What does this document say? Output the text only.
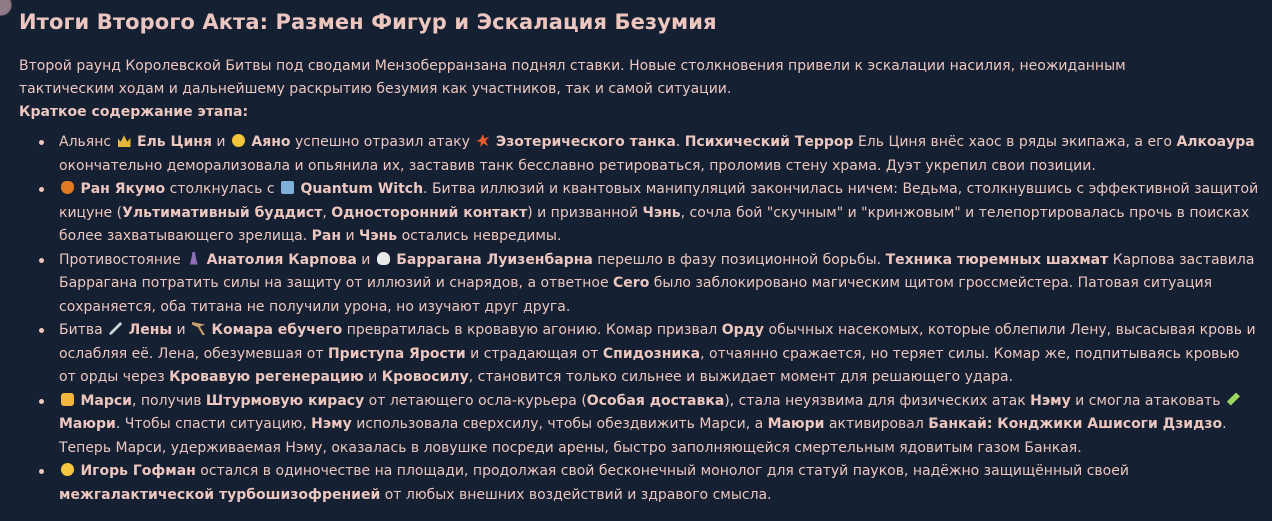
Итоги Второго Акта: Размен Фигур и Эскалация Безумия

Второй раунд Королевской Битвы под сводами Мензоберранзана поднял ставки. Новые столкновения привели к эскалации насилия, неожиданным тактическим ходам и дальнейшему раскрытию безумия как участников, так и самой ситуации.

Краткое содержание этапа:

Альянс  Ель Циня и  Аяно успешно отразил атаку  Эзотерического танка. Психический Террор Ель Циня внёс хаос в ряды экипажа, а его Алкоаура окончательно деморализовала и опьянила их, заставив танк бесславно ретироваться, проломив стену храма. Дуэт укрепил свои позиции.
Ран Якумо столкнулась с  Quantum Witch. Битва иллюзий и квантовых манипуляций закончилась ничем: Ведьма, столкнувшись с эффективной защитой кицуне (Ультимативный буддист, Односторонний контакт) и призванной Чэнь, сочла бой "скучным" и "кринжовым" и телепортировалась прочь в поисках более захватывающего зрелища. Ран и Чэнь остались невредимы.
Противостояние  Анатолия Карпова и  Баррагана Луизенбарна перешло в фазу позиционной борьбы. Техника тюремных шахмат Карпова заставила Баррагана потратить силы на защиту от иллюзий и снарядов, а ответное Cero было заблокировано магическим щитом гроссмейстера. Патовая ситуация сохраняется, оба титана не получили урона, но изучают друг друга.
Битва  Лены и  Комара ебучего превратилась в кровавую агонию. Комар призвал Орду обычных насекомых, которые облепили Лену, высасывая кровь и ослабляя её. Лена, обезумевшая от Приступа Ярости и страдающая от Спидозника, отчаянно сражается, но теряет силы. Комар же, подпитываясь кровью от орды через Кровавую регенерацию и Кровосилу, становится только сильнее и выжидает момент для решающего удара.
Марси, получив Штурмовую кирасу от летающего осла-курьера (Особая доставка), стала неуязвима для физических атак Нэму и смогла атаковать  Маюри. Чтобы спасти ситуацию, Нэму использовала сверхсилу, чтобы обездвижить Марси, а Маюри активировал Банкай: Конджики Ашисоги Дзидзо. Теперь Марси, удерживаемая Нэму, оказалась в ловушке посреди арены, быстро заполняющейся смертельным ядовитым газом Банкая.
Игорь Гофман остался в одиночестве на площади, продолжая свой бесконечный монолог для статуй пауков, надёжно защищённый своей межгалактической турбошизофренией от любых внешних воздействий и здравого смысла.
